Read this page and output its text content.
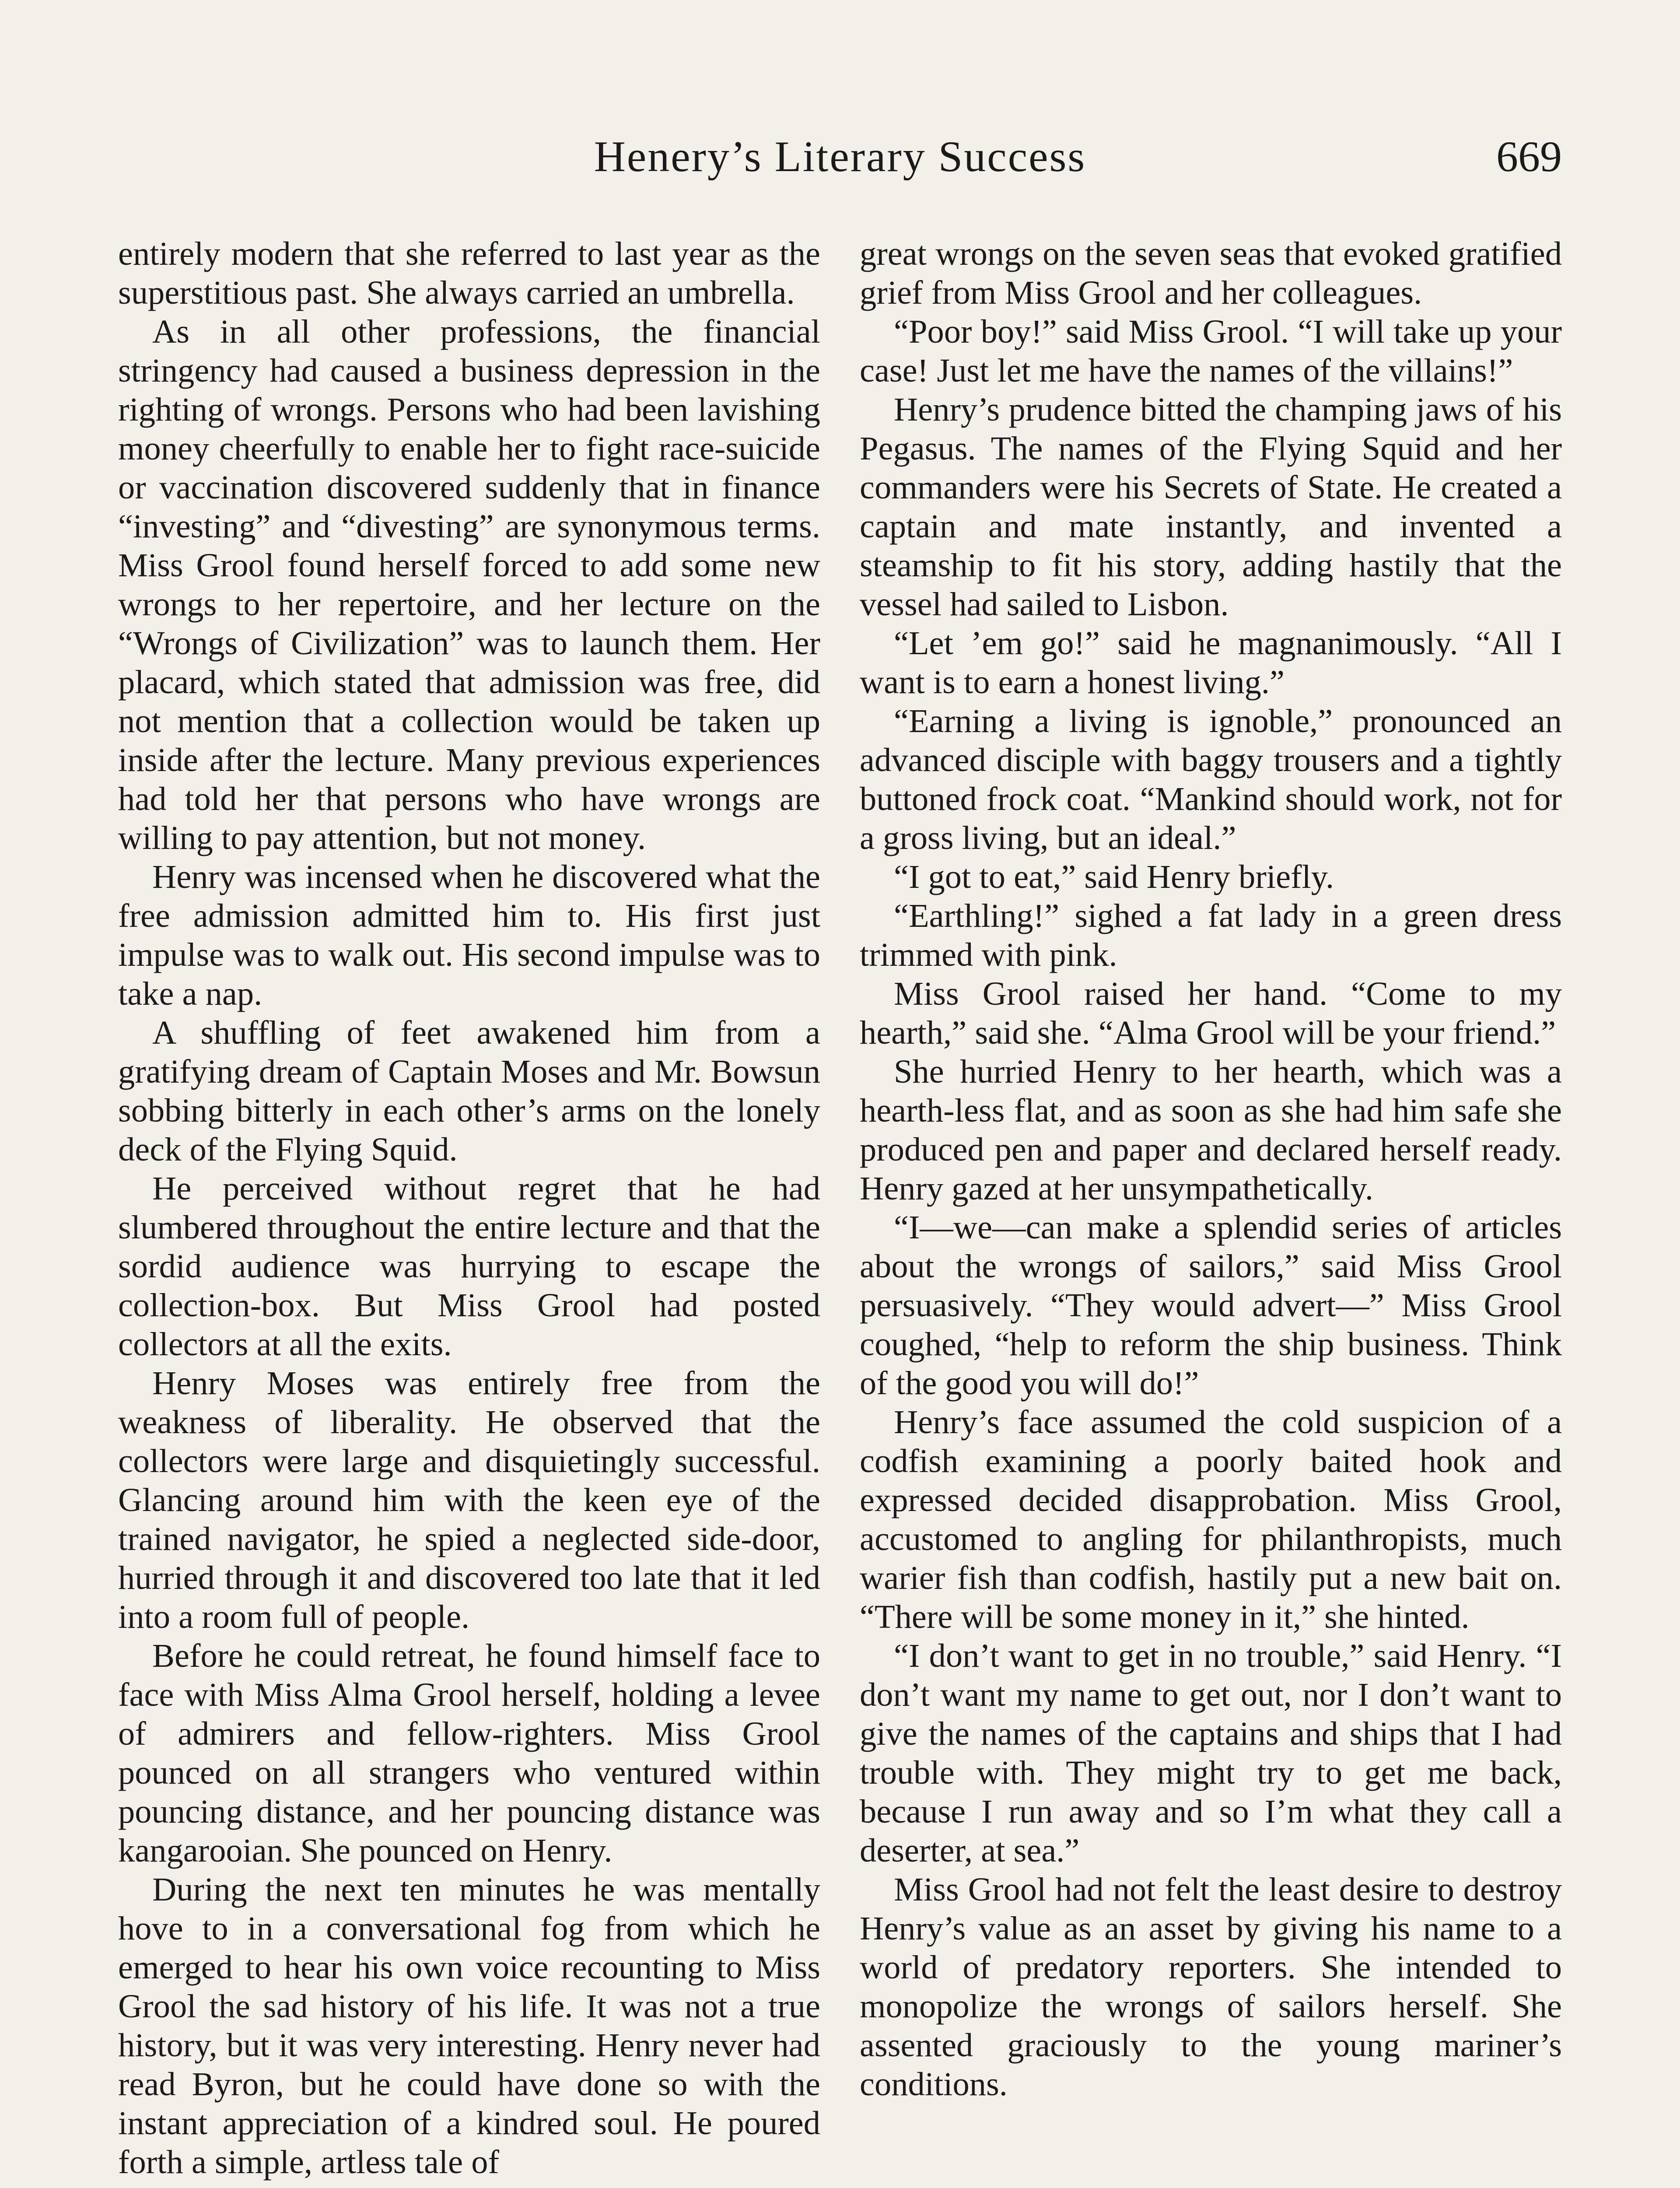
Henery’s Literary Success	669

entirely modern that she referred to last year as the superstitious past. She always carried an umbrella.

As in all other professions, the financial stringency had caused a business depression in the righting of wrongs. Persons who had been lavishing money cheerfully to enable her to fight race-suicide or vaccination discovered suddenly that in finance “investing” and “divesting” are synonymous terms. Miss Grool found herself forced to add some new wrongs to her repertoire, and her lecture on the “Wrongs of Civilization” was to launch them. Her placard, which stated that admission was free, did not mention that a collection would be taken up inside after the lecture. Many previous experiences had told her that persons who have wrongs are willing to pay attention, but not money.

Henry was incensed when he discovered what the free admission admitted him to. His first just impulse was to walk out. His second impulse was to take a nap.

A shuffling of feet awakened him from a gratifying dream of Captain Moses and Mr. Bowsun sobbing bitterly in each other’s arms on the lonely deck of the Flying Squid.

He perceived without regret that he had slumbered throughout the entire lecture and that the sordid audience was hurrying to escape the collection-box. But Miss Grool had posted collectors at all the exits.

Henry Moses was entirely free from the weakness of liberality. He observed that the collectors were large and disquietingly successful. Glancing around him with the keen eye of the trained navigator, he spied a neglected side-door, hurried through it and discovered too late that it led into a room full of people.

Before he could retreat, he found himself face to face with Miss Alma Grool herself, holding a levee of admirers and fellow-righters. Miss Grool pounced on all strangers who ventured within pouncing distance, and her pouncing distance was kangarooian. She pounced on Henry.

During the next ten minutes he was mentally hove to in a conversational fog from which he emerged to hear his own voice recounting to Miss Grool the sad history of his life. It was not a true history, but it was very interesting. Henry never had read Byron, but he could have done so with the instant appreciation of a kindred soul. He poured forth a simple, artless tale of

great wrongs on the seven seas that evoked gratified grief from Miss Grool and her colleagues.

“Poor boy!” said Miss Grool. “I will take up your case! Just let me have the names of the villains!”

Henry’s prudence bitted the champing jaws of his Pegasus. The names of the Flying Squid and her commanders were his Secrets of State. He created a captain and mate instantly, and invented a steamship to fit his story, adding hastily that the vessel had sailed to Lisbon.

“Let ’em go!” said he magnanimously. “All I want is to earn a honest living.”

“Earning a living is ignoble,” pronounced an advanced disciple with baggy trousers and a tightly buttoned frock coat. “Mankind should work, not for a gross living, but an ideal.”

“I got to eat,” said Henry briefly.

“Earthling!” sighed a fat lady in a green dress trimmed with pink.

Miss Grool raised her hand. “Come to my hearth,” said she. “Alma Grool will be your friend.”

She hurried Henry to her hearth, which was a hearth-less flat, and as soon as she had him safe she produced pen and paper and declared herself ready. Henry gazed at her unsympathetically.

“I—we—can make a splendid series of articles about the wrongs of sailors,” said Miss Grool persuasively. “They would advert—” Miss Grool coughed, “help to reform the ship business. Think of the good you will do!”

Henry’s face assumed the cold suspicion of a codfish examining a poorly baited hook and expressed decided disapprobation. Miss Grool, accustomed to angling for philanthropists, much warier fish than codfish, hastily put a new bait on. “There will be some money in it,” she hinted.

“I don’t want to get in no trouble,” said Henry. “I don’t want my name to get out, nor I don’t want to give the names of the captains and ships that I had trouble with. They might try to get me back, because I run away and so I’m what they call a deserter, at sea.”

Miss Grool had not felt the least desire to destroy Henry’s value as an asset by giving his name to a world of predatory reporters. She intended to monopolize the wrongs of sailors herself. She assented graciously to the young mariner’s conditions.
